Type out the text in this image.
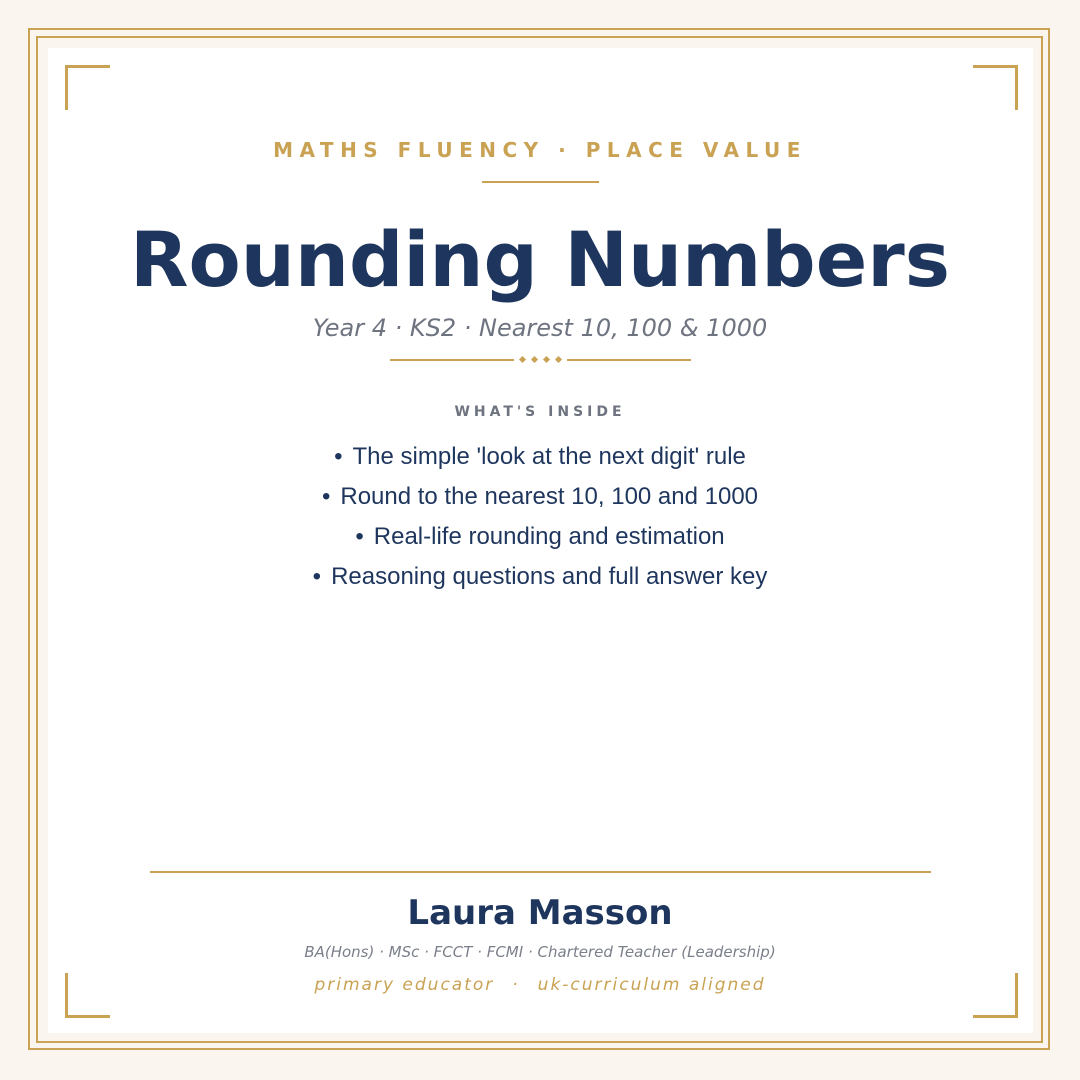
MATHS FLUENCY · PLACE VALUE
Rounding Numbers
Year 4 · KS2 · Nearest 10, 100 & 1000
WHAT'S INSIDE
• The simple 'look at the next digit' rule
• Round to the nearest 10, 100 and 1000
• Real-life rounding and estimation
• Reasoning questions and full answer key
Laura Masson
BA(Hons) · MSc · FCCT · FCMI · Chartered Teacher (Leadership)
primary educator · uk-curriculum aligned
